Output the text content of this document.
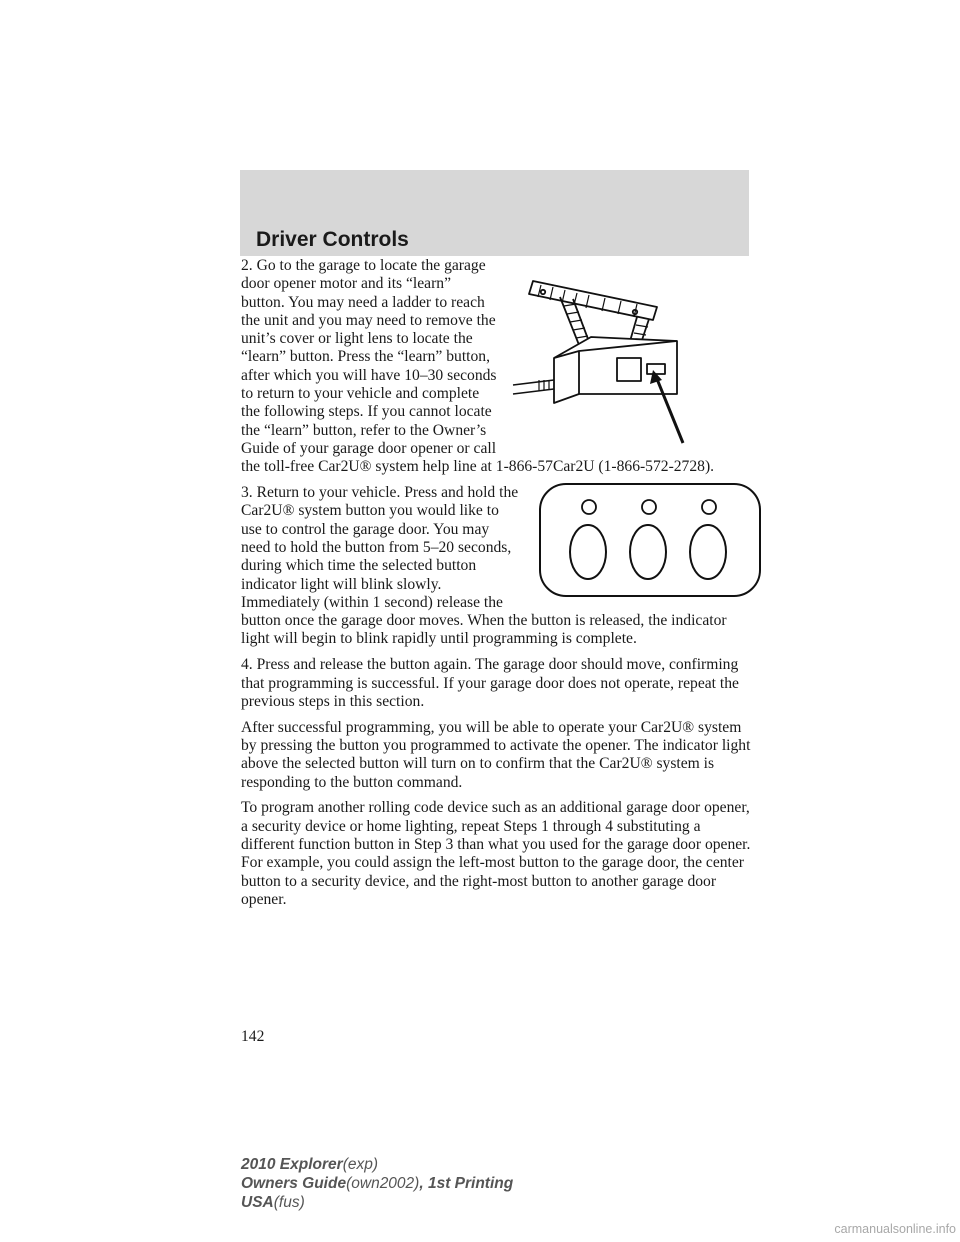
Driver Controls

2. Go to the garage to locate the garage door opener motor and its “learn” button. You may need a ladder to reach the unit and you may need to remove the unit’s cover or light lens to locate the “learn” button. Press the “learn” button, after which you will have 10–30 seconds to return to your vehicle and complete the following steps. If you cannot locate the “learn” button, refer to the Owner’s Guide of your garage door opener or call the toll-free Car2U® system help line at 1-866-57Car2U (1-866-572-2728).

3. Return to your vehicle. Press and hold the Car2U® system button you would like to use to control the garage door. You may need to hold the button from 5–20 seconds, during which time the selected button indicator light will blink slowly. Immediately (within 1 second) release the button once the garage door moves. When the button is released, the indicator light will begin to blink rapidly until programming is complete.

4. Press and release the button again. The garage door should move, confirming that programming is successful. If your garage door does not operate, repeat the previous steps in this section.

After successful programming, you will be able to operate your Car2U® system by pressing the button you programmed to activate the opener. The indicator light above the selected button will turn on to confirm that the Car2U® system is responding to the button command.

To program another rolling code device such as an additional garage door opener, a security device or home lighting, repeat Steps 1 through 4 substituting a different function button in Step 3 than what you used for the garage door opener. For example, you could assign the left-most button to the garage door, the center button to a security device, and the right-most button to another garage door opener.

142
2010 Explorer(exp)
Owners Guide(own2002), 1st Printing
USA(fus)
carmanualsonline.info
